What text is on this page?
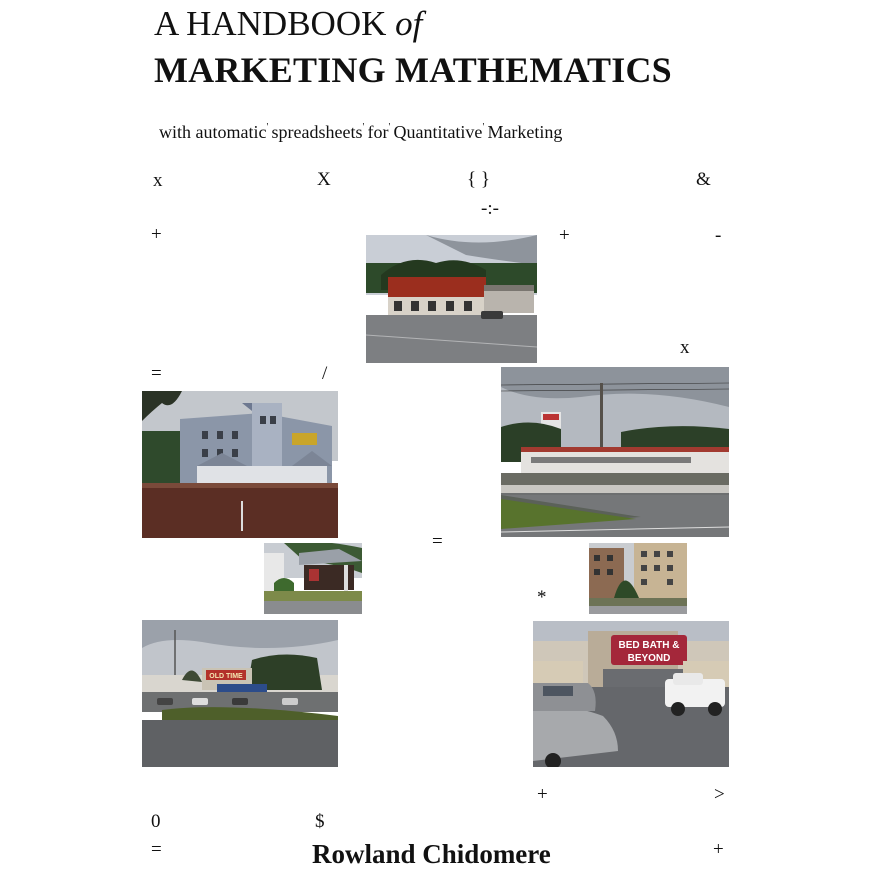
A HANDBOOK of
MARKETING MATHEMATICS
with automatic' spreadsheets' for' Quantitative' Marketing
x	X	{ }	&
-:-
+	+	-
x
=	/
=
*
+	>
0	$
=	+
OLD TIME
BED BATH &
BEYOND
Rowland Chidomere
